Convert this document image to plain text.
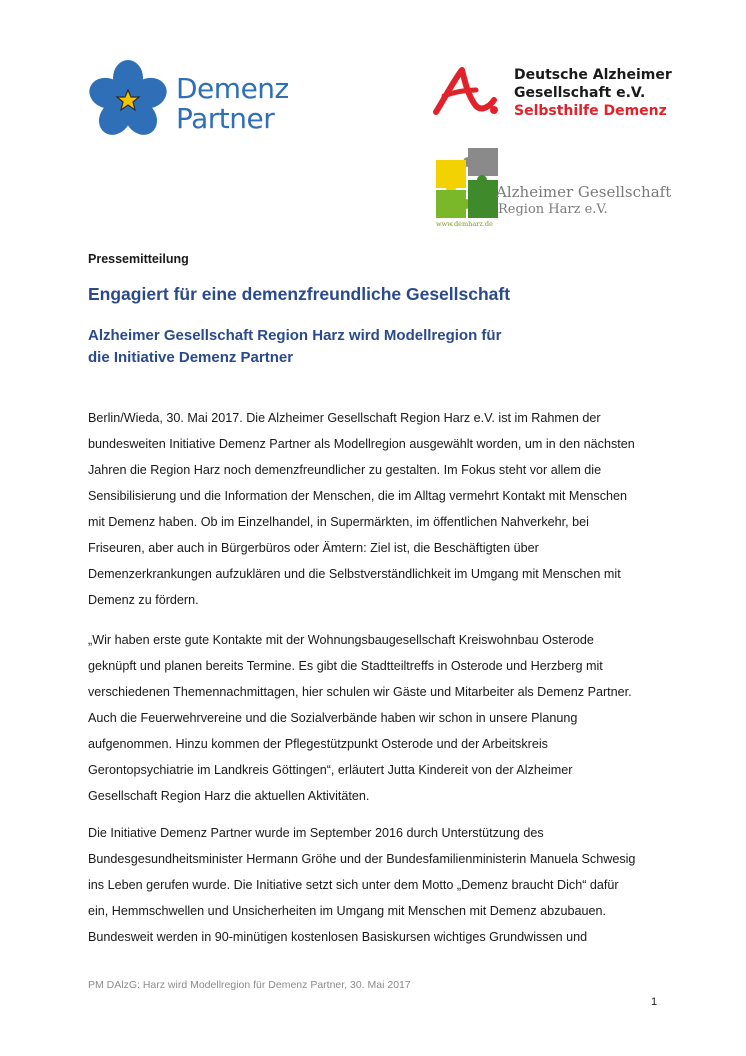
Demenz
Partner
Deutsche Alzheimer
Gesellschaft e.V.
Selbsthilfe Demenz
Alzheimer Gesellschaft
Region Harz e.V.
www.demharz.de
Pressemitteilung
Engagiert für eine demenzfreundliche Gesellschaft
Alzheimer Gesellschaft Region Harz wird Modellregion für
die Initiative Demenz Partner
Berlin/Wieda, 30. Mai 2017. Die Alzheimer Gesellschaft Region Harz e.V. ist im Rahmen der
bundesweiten Initiative Demenz Partner als Modellregion ausgewählt worden, um in den nächsten
Jahren die Region Harz noch demenzfreundlicher zu gestalten. Im Fokus steht vor allem die
Sensibilisierung und die Information der Menschen, die im Alltag vermehrt Kontakt mit Menschen
mit Demenz haben. Ob im Einzelhandel, in Supermärkten, im öffentlichen Nahverkehr, bei
Friseuren, aber auch in Bürgerbüros oder Ämtern: Ziel ist, die Beschäftigten über
Demenzerkrankungen aufzuklären und die Selbstverständlichkeit im Umgang mit Menschen mit
Demenz zu fördern.
„Wir haben erste gute Kontakte mit der Wohnungsbaugesellschaft Kreiswohnbau Osterode
geknüpft und planen bereits Termine. Es gibt die Stadtteiltreffs in Osterode und Herzberg mit
verschiedenen Themennachmittagen, hier schulen wir Gäste und Mitarbeiter als Demenz Partner.
Auch die Feuerwehrvereine und die Sozialverbände haben wir schon in unsere Planung
aufgenommen. Hinzu kommen der Pflegestützpunkt Osterode und der Arbeitskreis
Gerontopsychiatrie im Landkreis Göttingen“, erläutert Jutta Kindereit von der Alzheimer
Gesellschaft Region Harz die aktuellen Aktivitäten.
Die Initiative Demenz Partner wurde im September 2016 durch Unterstützung des
Bundesgesundheitsminister Hermann Gröhe und der Bundesfamilienministerin Manuela Schwesig
ins Leben gerufen wurde. Die Initiative setzt sich unter dem Motto „Demenz braucht Dich“ dafür
ein, Hemmschwellen und Unsicherheiten im Umgang mit Menschen mit Demenz abzubauen.
Bundesweit werden in 90-minütigen kostenlosen Basiskursen wichtiges Grundwissen und
PM DAlzG: Harz wird Modellregion für Demenz Partner, 30. Mai 2017
1
